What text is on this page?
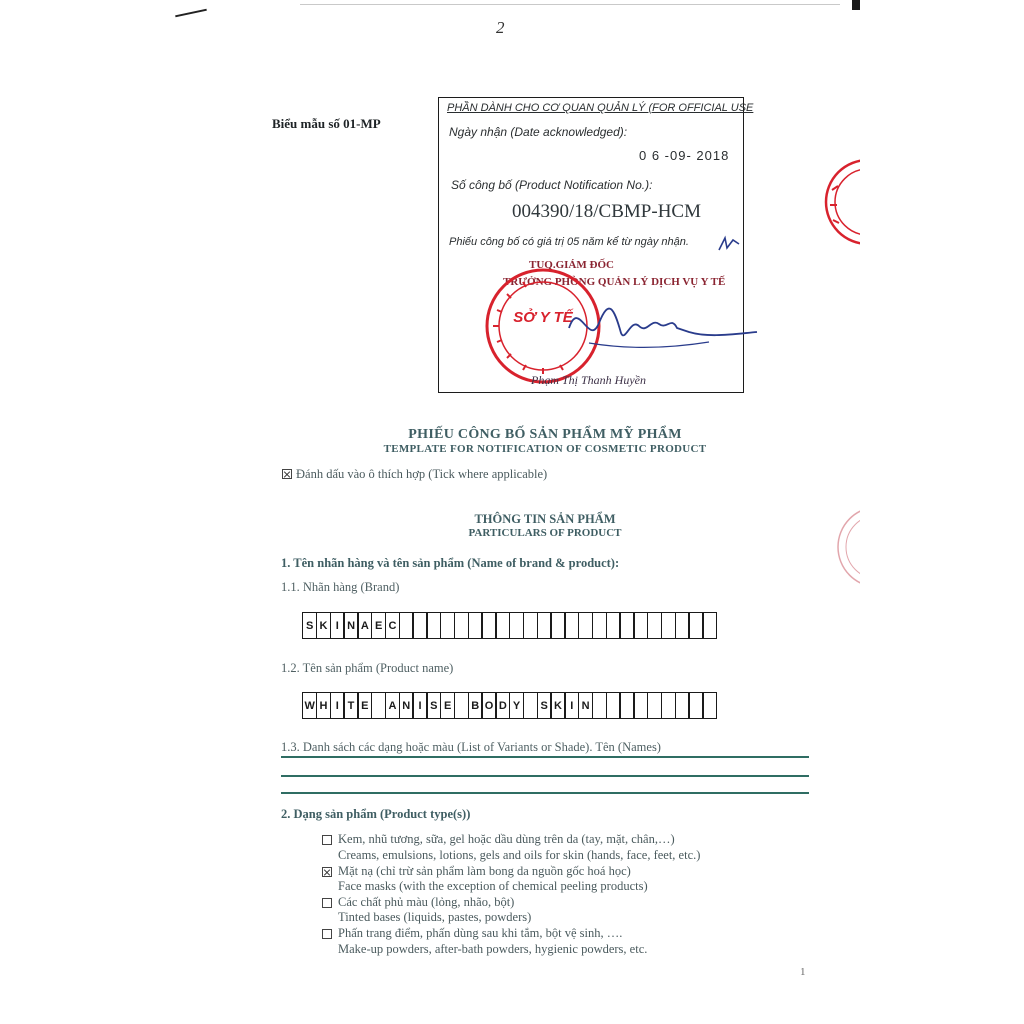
2
Biểu mẫu số 01-MP
PHẦN DÀNH CHO CƠ QUAN QUẢN LÝ (FOR OFFICIAL USE
Ngày nhận (Date acknowledged):
0 6 -09- 2018
Số công bố (Product Notification No.):
004390/18/CBMP-HCM
Phiếu công bố có giá trị 05 năm kể từ ngày nhận.
TUQ.GIÁM ĐỐC
TRƯỞNG PHÒNG QUẢN LÝ DỊCH VỤ Y TẾ
SỞ Y TẾ
Phạm Thị Thanh Huyền
PHIẾU CÔNG BỐ SẢN PHẨM MỸ PHẨM
TEMPLATE FOR NOTIFICATION OF COSMETIC PRODUCT
Đánh dấu vào ô thích hợp (Tick where applicable)
THÔNG TIN SẢN PHẨM
PARTICULARS OF PRODUCT
1. Tên nhãn hàng và tên sản phẩm (Name of brand & product):
1.1. Nhãn hàng (Brand)
S K I N A E C
1.2. Tên sản phẩm (Product name)
W H I T E	A N I S E	B O D Y	S K I N
1.3. Danh sách các dạng hoặc màu (List of Variants or Shade). Tên (Names)
2. Dạng sản phẩm (Product type(s))
Kem, nhũ tương, sữa, gel hoặc dầu dùng trên da (tay, mặt, chân,…)
Creams, emulsions, lotions, gels and oils for skin (hands, face, feet, etc.)
Mặt nạ (chỉ trừ sản phẩm làm bong da nguồn gốc hoá học)
Face masks (with the exception of chemical peeling products)
Các chất phủ màu (lỏng, nhão, bột)
Tinted bases (liquids, pastes, powders)
Phấn trang điểm, phấn dùng sau khi tắm, bột vệ sinh, ….
Make-up powders, after-bath powders, hygienic powders, etc.
1
